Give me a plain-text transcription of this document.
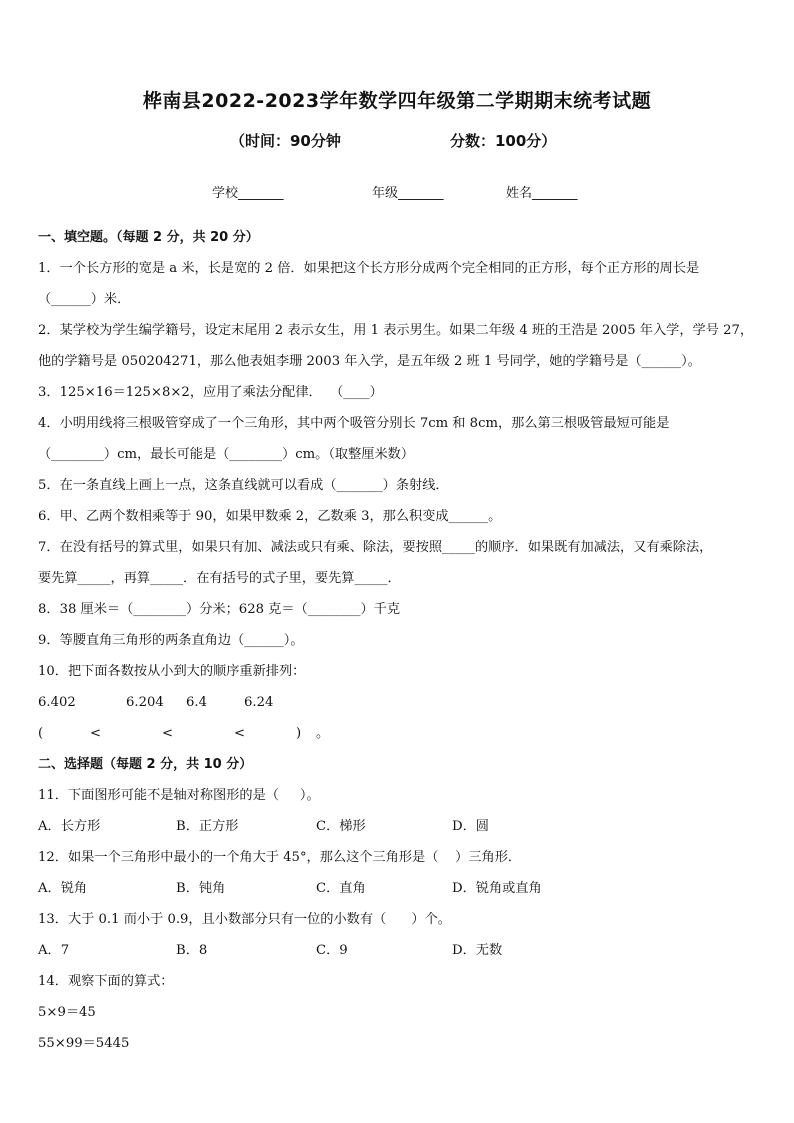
桦南县2022-2023学年数学四年级第二学期期末统考试题
（时间：90分钟	分数：100分）
学校_______	年级_______	姓名_______
一、填空题。（每题 2 分，共 20 分）
1．一个长方形的宽是 a 米，长是宽的 2 倍．如果把这个长方形分成两个完全相同的正方形，每个正方形的周长是
（______）米．
2．某学校为学生编学籍号，设定末尾用 2 表示女生，用 1 表示男生。如果二年级 4 班的王浩是 2005 年入学，学号 27，
他的学籍号是 050204271，那么他表姐李珊 2003 年入学，是五年级 2 班 1 号同学，她的学籍号是（______）。
3．125×16＝125×8×2，应用了乘法分配律．  （____）
4．小明用线将三根吸管穿成了一个三角形，其中两个吸管分别长 7cm 和 8cm，那么第三根吸管最短可能是
（________）cm，最长可能是（________）cm。（取整厘米数）
5．在一条直线上画上一点，这条直线就可以看成（_______）条射线．
6．甲、乙两个数相乘等于 90，如果甲数乘 2，乙数乘 3，那么积变成______。
7．在没有括号的算式里，如果只有加、减法或只有乘、除法，要按照_____的顺序．如果既有加减法，又有乘除法，
要先算_____，再算_____．在有括号的式子里，要先算_____．
8．38 厘米＝（________）分米；628 克＝（________）千克
9．等腰直角三角形的两条直角边（______）。
10．把下面各数按从小到大的顺序重新排列：
6.402	6.204 6.4	6.24
(	<	<	<	) 。
二、选择题（每题 2 分，共 10 分）
11．下面图形可能不是轴对称图形的是（     ）。
A．长方形	B．正方形	C．梯形	D．圆
12．如果一个三角形中最小的一个角大于 45°，那么这个三角形是（    ）三角形．
A．锐角	B．钝角	C．直角	D．锐角或直角
13．大于 0.1 而小于 0.9，且小数部分只有一位的小数有（      ）个。
A．7	B．8	C．9	D．无数
14．观察下面的算式：
5×9＝45
55×99＝5445
